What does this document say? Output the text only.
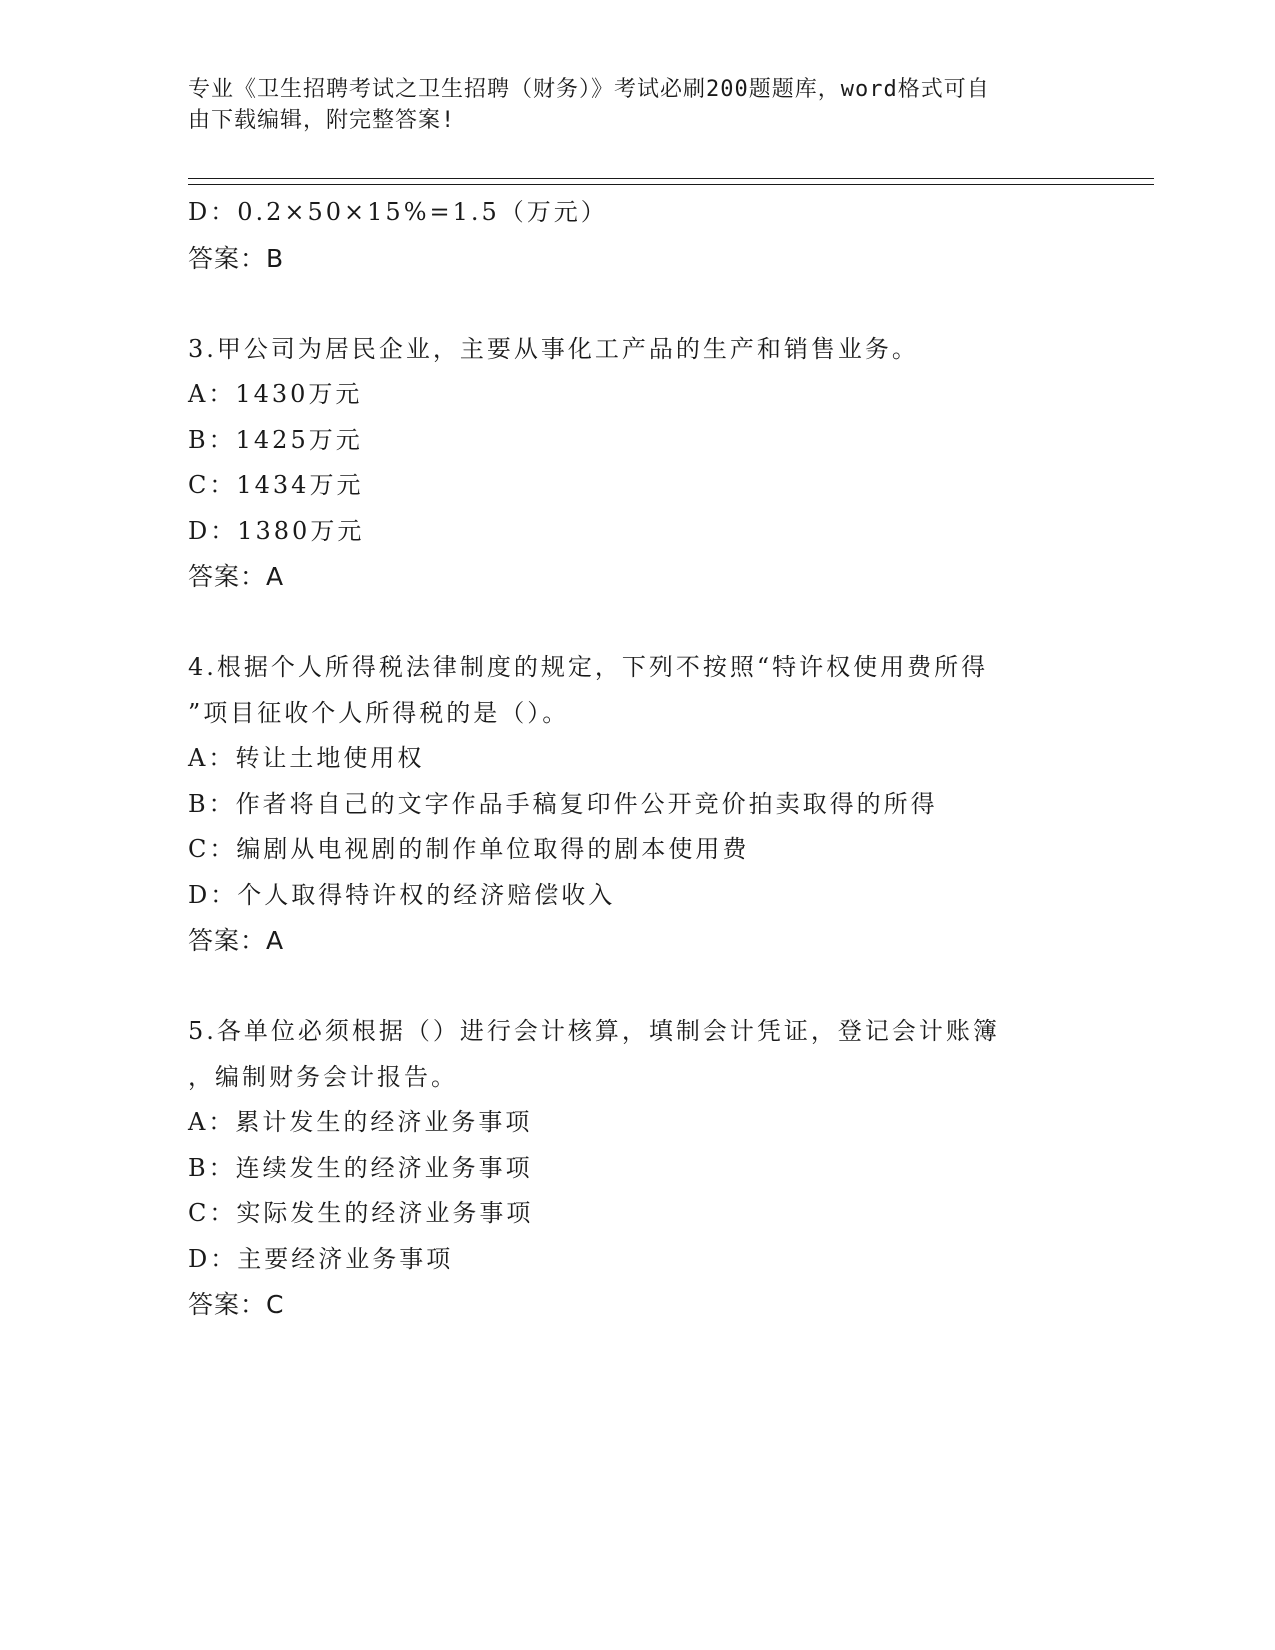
专业《卫生招聘考试之卫生招聘（财务）》考试必刷200题题库，word格式可自
由下载编辑，附完整答案!
D：0.2×50×15%=1.5（万元）
答案：B
3.甲公司为居民企业，主要从事化工产品的生产和销售业务。
A：1430万元
B：1425万元
C：1434万元
D：1380万元
答案：A
4.根据个人所得税法律制度的规定，下列不按照“特许权使用费所得
”项目征收个人所得税的是（）。
A：转让土地使用权
B：作者将自己的文字作品手稿复印件公开竞价拍卖取得的所得
C：编剧从电视剧的制作单位取得的剧本使用费
D：个人取得特许权的经济赔偿收入
答案：A
5.各单位必须根据（）进行会计核算，填制会计凭证，登记会计账簿
，编制财务会计报告。
A：累计发生的经济业务事项
B：连续发生的经济业务事项
C：实际发生的经济业务事项
D：主要经济业务事项
答案：C
